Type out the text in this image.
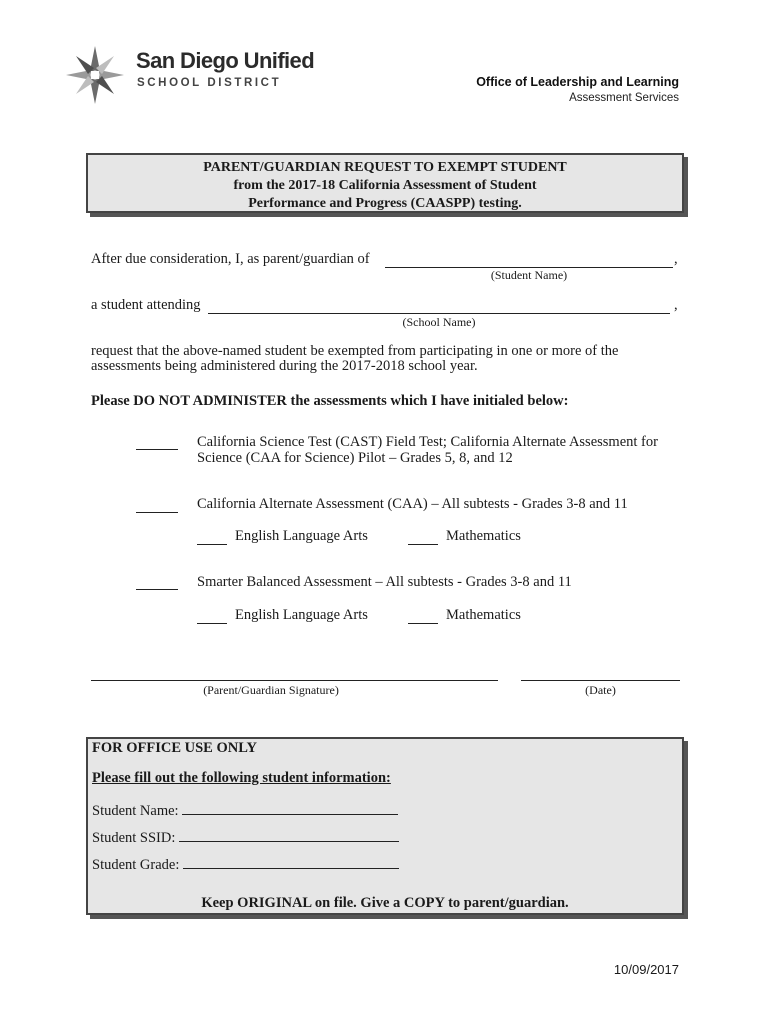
San Diego Unified
SCHOOL DISTRICT	Office of Leadership and Learning
Assessment Services
PARENT/GUARDIAN REQUEST TO EXEMPT STUDENT
from the 2017-18 California Assessment of Student
Performance and Progress (CAASPP) testing.
After due consideration, I, as parent/guardian of	,
(Student Name)
a student attending	,
(School Name)
request that the above-named student be exempted from participating in one or more of the
assessments being administered during the 2017-2018 school year.
Please DO NOT ADMINISTER the assessments which I have initialed below:
California Science Test (CAST) Field Test; California Alternate Assessment for
Science (CAA for Science) Pilot – Grades 5, 8, and 12
California Alternate Assessment (CAA) – All subtests - Grades 3-8 and 11
English Language Arts	Mathematics
Smarter Balanced Assessment – All subtests - Grades 3-8 and 11
English Language Arts	Mathematics
(Parent/Guardian Signature)	(Date)
FOR OFFICE USE ONLY
Please fill out the following student information:
Student Name:
Student SSID:
Student Grade:
Keep ORIGINAL on file. Give a COPY to parent/guardian.
10/09/2017
